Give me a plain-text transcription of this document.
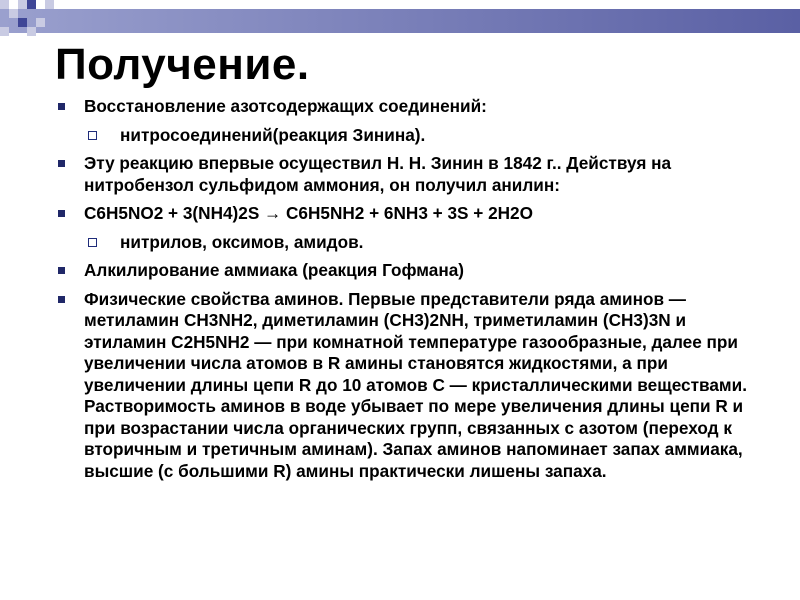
Получение.
Восстановление азотсодержащих соединений:
нитросоединений(реакция Зинина).
Эту реакцию впервые осуществил Н. Н. Зинин в 1842 г.. Действуя на нитробензол сульфидом аммония, он получил анилин:
C6H5NO2 + 3(NH4)2S → C6H5NH2 + 6NH3 + 3S + 2H2O
нитрилов, оксимов, амидов.
Алкилирование аммиака (реакция Гофмана)
Физические свойства аминов. Первые представители ряда аминов — метиламин CH3NH2, диметиламин (CH3)2NH, триметиламин (CH3)3N и этиламин C2H5NH2 — при комнатной температуре газообразные, далее при увеличении числа атомов в R амины становятся жидкостями, а при увеличении длины цепи R до 10 атомов С — кристаллическими веществами. Растворимость аминов в воде убывает по мере увеличения длины цепи R и при возрастании числа органических групп, связанных с азотом (переход к вторичным и третичным аминам). Запах аминов напоминает запах аммиака, высшие (с большими R) амины практически лишены запаха.
